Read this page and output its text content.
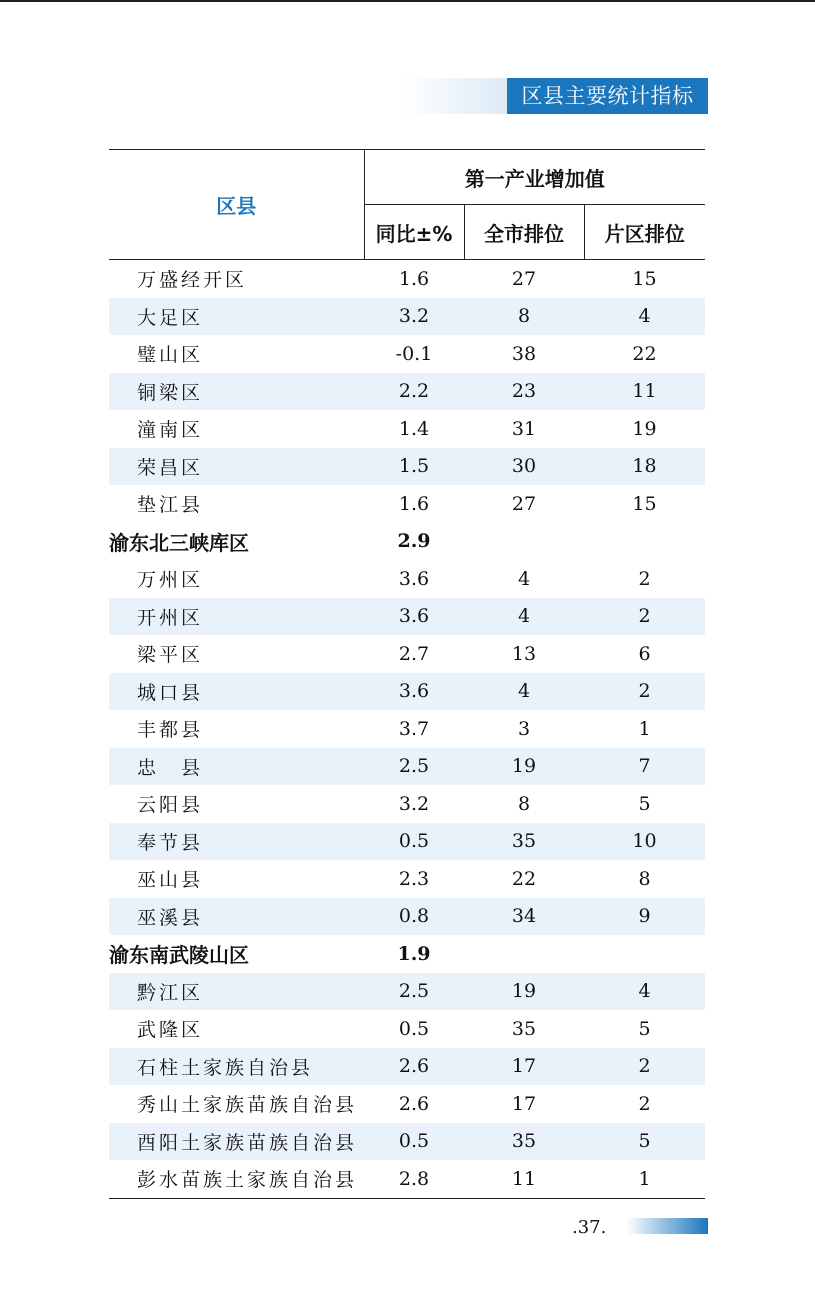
区县主要统计指标
区县	第一产业增加值		
	同比±%	全市排位	片区排位
万盛经开区	1.6	27	15
大足区	3.2	8	4
璧山区	-0.1	38	22
铜梁区	2.2	23	11
潼南区	1.4	31	19
荣昌区	1.5	30	18
垫江县	1.6	27	15
渝东北三峡库区	2.9		
万州区	3.6	4	2
开州区	3.6	4	2
梁平区	2.7	13	6
城口县	3.6	4	2
丰都县	3.7	3	1
忠　县	2.5	19	7
云阳县	3.2	8	5
奉节县	0.5	35	10
巫山县	2.3	22	8
巫溪县	0.8	34	9
渝东南武陵山区	1.9		
黔江区	2.5	19	4
武隆区	0.5	35	5
石柱土家族自治县	2.6	17	2
秀山土家族苗族自治县	2.6	17	2
酉阳土家族苗族自治县	0.5	35	5
彭水苗族土家族自治县	2.8	11	1
.37.
